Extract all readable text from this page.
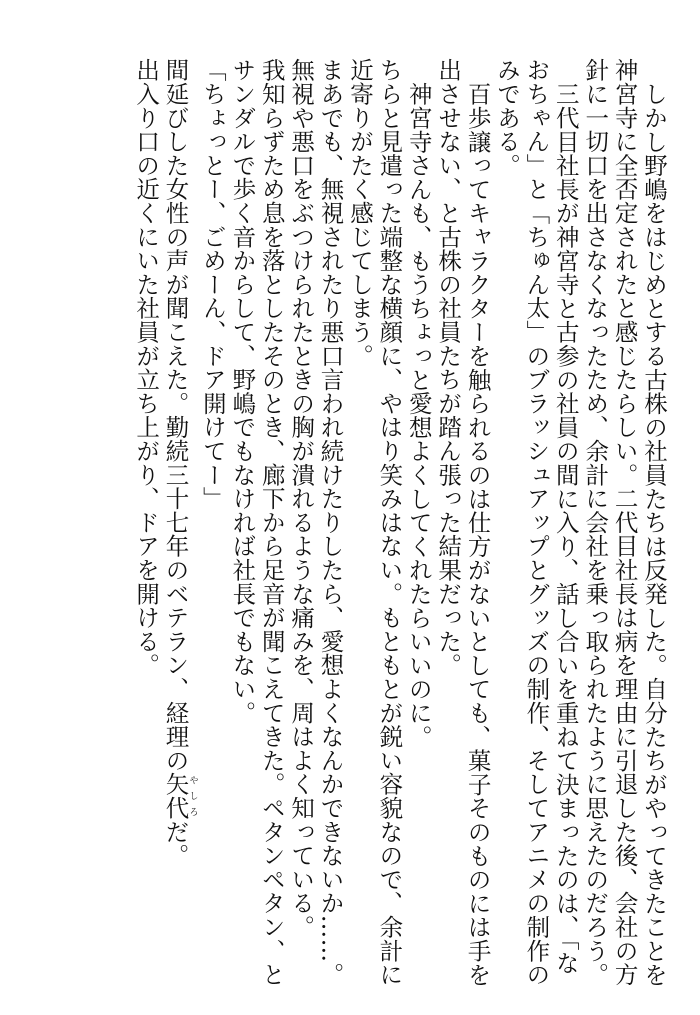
しかし野嶋をはじめとする古株の社員たちは反発した。自分たちがやってきたことを神宮寺に全否定されたと感じたらしい。二代目社長は病を理由に引退した後、会社の方針に一切口を出さなくなったため、余計に会社を乗っ取られたように思えたのだろう。

三代目社長が神宮寺と古参の社員の間に入り、話し合いを重ねて決まったのは、「なおちゃん」と「ちゅん太」のブラッシュアップとグッズの制作、そしてアニメの制作のみである。

百歩譲ってキャラクターを触られるのは仕方がないとしても、菓子そのものには手を出させない、と古株の社員たちが踏ん張った結果だった。

神宮寺さんも、もうちょっと愛想よくしてくれたらいいのに。

ちらと見遣った端整な横顔に、やはり笑みはない。もともとが鋭い容貌なので、余計に近寄りがたく感じてしまう。

まあでも、無視されたり悪口言われ続けたりしたら、愛想よくなんかできないか……。

無視や悪口をぶつけられたときの胸が潰れるような痛みを、周はよく知っている。

我知らずため息を落としたそのとき、廊下から足音が聞こえてきた。ペタンペタン、とサンダルで歩く音からして、野嶋でもなければ社長でもない。

「ちょっとー、ごめーん、ドア開けてー」

間延びした女性の声が聞こえた。勤続三十七年のベテラン、経理の矢代やしろだ。

出入り口の近くにいた社員が立ち上がり、ドアを開ける。
